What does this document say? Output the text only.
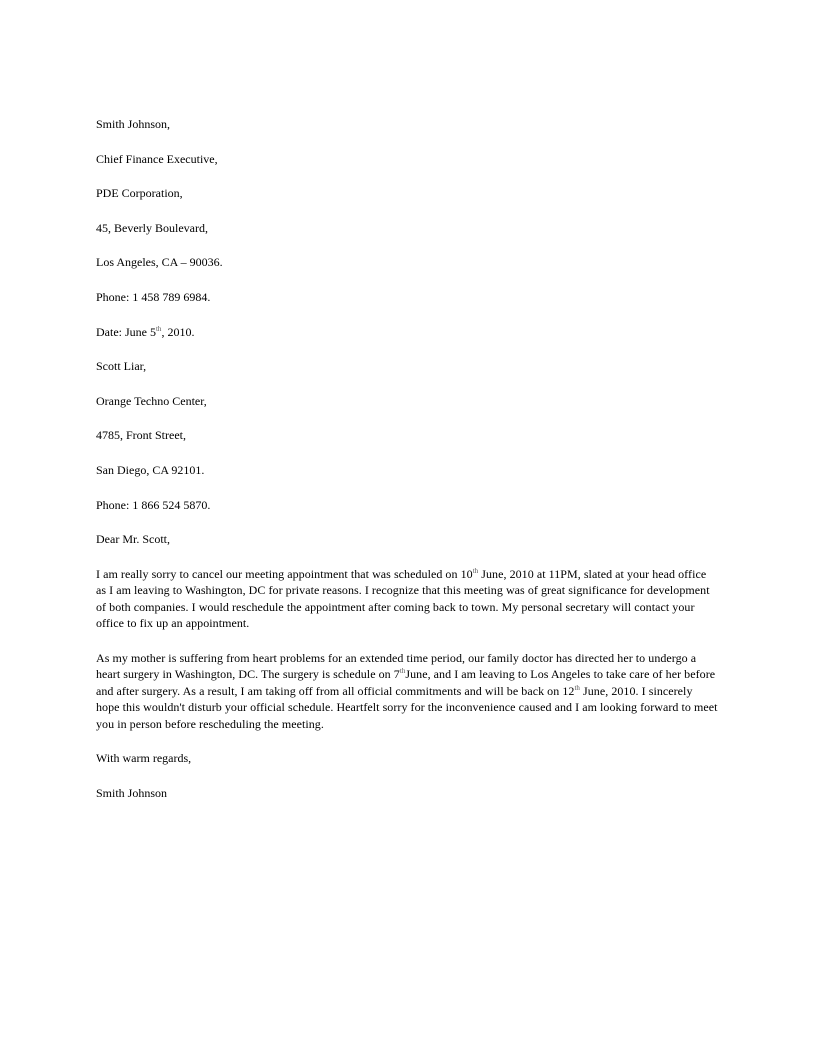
Smith Johnson,
Chief Finance Executive,
PDE Corporation,
45, Beverly Boulevard,
Los Angeles, CA – 90036.
Phone: 1 458 789 6984.
Date: June 5th, 2010.
Scott Liar,
Orange Techno Center,
4785, Front Street,
San Diego, CA 92101.
Phone: 1 866 524 5870.
Dear Mr. Scott,

I am really sorry to cancel our meeting appointment that was scheduled on 10th June, 2010 at 11PM, slated at your head office as I am leaving to Washington, DC for private reasons. I recognize that this meeting was of great significance for development of both companies. I would reschedule the appointment after coming back to town. My personal secretary will contact your office to fix up an appointment.

As my mother is suffering from heart problems for an extended time period, our family doctor has directed her to undergo a heart surgery in Washington, DC. The surgery is schedule on 7thJune, and I am leaving to Los Angeles to take care of her before and after surgery. As a result, I am taking off from all official commitments and will be back on 12th June, 2010. I sincerely hope this wouldn't disturb your official schedule. Heartfelt sorry for the inconvenience caused and I am looking forward to meet you in person before rescheduling the meeting.

With warm regards,
Smith Johnson
